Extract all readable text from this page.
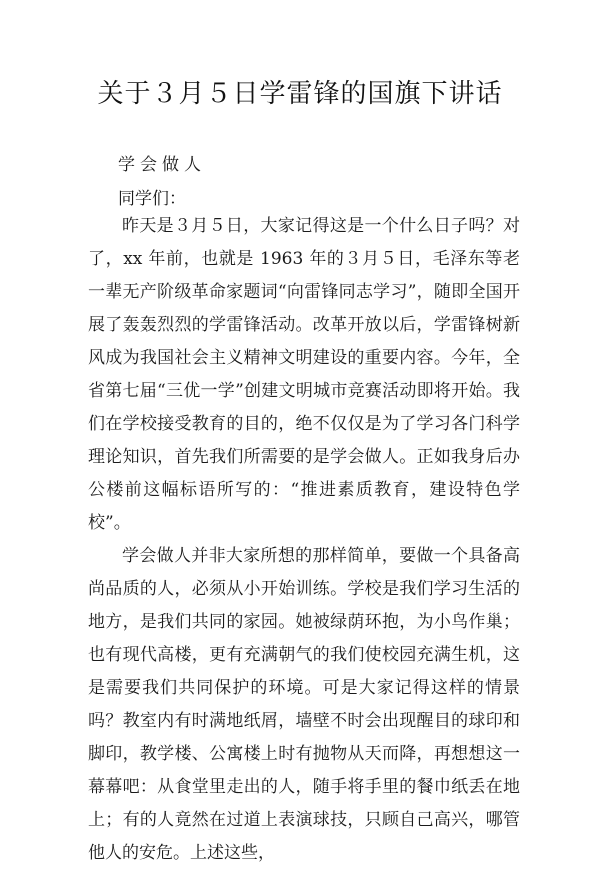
关于３月５日学雷锋的国旗下讲话
学会做人
同学们：

昨天是３月５日，大家记得这是一个什么日子吗？对了，xx 年前，也就是 1963 年的３月５日，毛泽东等老一辈无产阶级革命家题词“向雷锋同志学习”，随即全国开展了轰轰烈烈的学雷锋活动。改革开放以后，学雷锋树新风成为我国社会主义精神文明建设的重要内容。今年，全省第七届“三优一学”创建文明城市竞赛活动即将开始。我们在学校接受教育的目的，绝不仅仅是为了学习各门科学理论知识，首先我们所需要的是学会做人。正如我身后办公楼前这幅标语所写的：“推进素质教育，建设特色学校”。

学会做人并非大家所想的那样简单，要做一个具备高尚品质的人，必须从小开始训练。学校是我们学习生活的地方，是我们共同的家园。她被绿荫环抱，为小鸟作巢；也有现代高楼，更有充满朝气的我们使校园充满生机，这是需要我们共同保护的环境。可是大家记得这样的情景吗？教室内有时满地纸屑，墙壁不时会出现醒目的球印和脚印，教学楼、公寓楼上时有抛物从天而降，再想想这一幕幕吧：从食堂里走出的人，随手将手里的餐巾纸丢在地上；有的人竟然在过道上表演球技，只顾自己高兴，哪管他人的安危。上述这些，
